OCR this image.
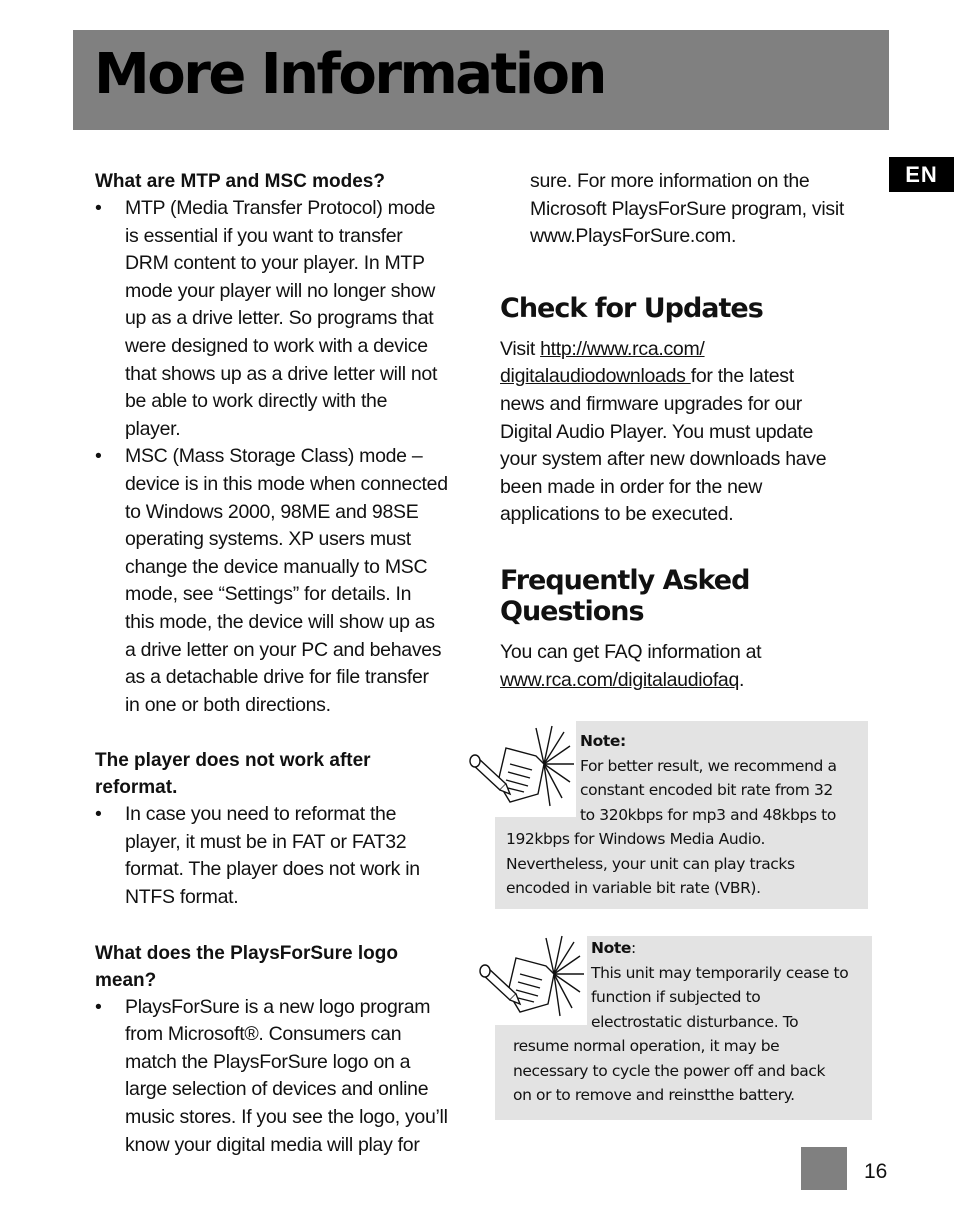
More Information
EN

What are MTP and MSC modes?

• MTP (Media Transfer Protocol) mode
is essential if you want to transfer
DRM content to your player. In MTP
mode your player will no longer show
up as a drive letter. So programs that
were designed to work with a device
that shows up as a drive letter will not
be able to work directly with the
player.
• MSC (Mass Storage Class) mode –
device is in this mode when connected
to Windows 2000, 98ME and 98SE
operating systems. XP users must
change the device manually to MSC
mode, see “Settings” for details. In
this mode, the device will show up as
a drive letter on your PC and behaves
as a detachable drive for file transfer
in one or both directions.

The player does not work after
reformat.

• In case you need to reformat the
player, it must be in FAT or FAT32
format. The player does not work in
NTFS format.

What does the PlaysForSure logo
mean?

• PlaysForSure is a new logo program
from Microsoft®. Consumers can
match the PlaysForSure logo on a
large selection of devices and online
music stores. If you see the logo, you’ll
know your digital media will play for

sure. For more information on the
Microsoft PlaysForSure program, visit
www.PlaysForSure.com.

Check for Updates

Visit http://www.rca.com/
digitalaudiodownloads for the latest
news and firmware upgrades for our
Digital Audio Player. You must update
your system after new downloads have
been made in order for the new
applications to be executed.

Frequently Asked
Questions

You can get FAQ information at
www.rca.com/digitalaudiofaq.

Note:
For better result, we recommend a
constant encoded bit rate from 32
to 320kbps for mp3 and 48kbps to
192kbps for Windows Media Audio.
Nevertheless, your unit can play tracks
encoded in variable bit rate (VBR).
Note:
This unit may temporarily cease to
function if subjected to
electrostatic disturbance. To
resume normal operation, it may be
necessary to cycle the power off and back
on or to remove and reinstthe battery.
16
